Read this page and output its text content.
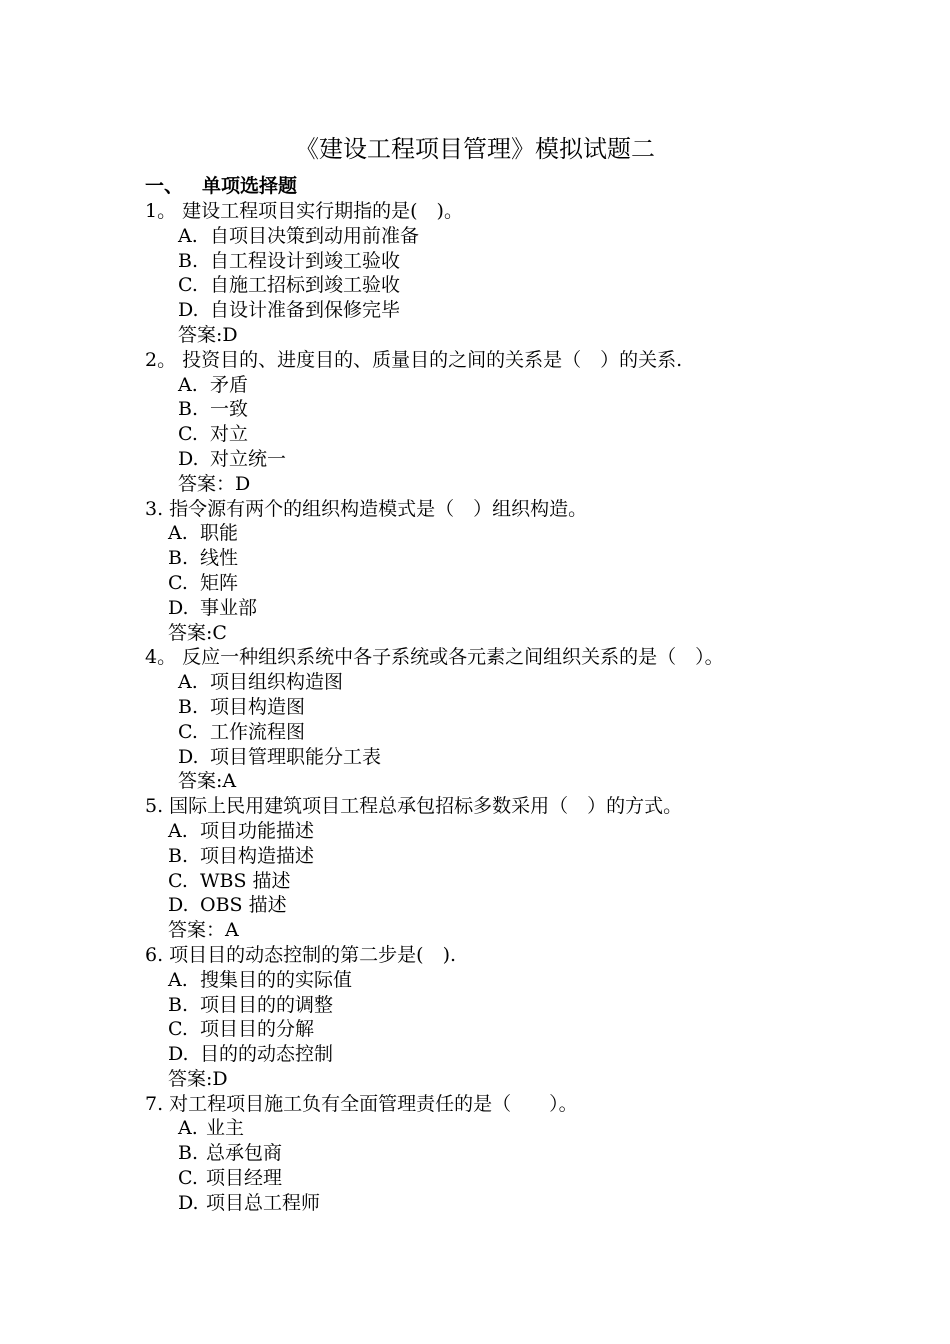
《建设工程项目管理》模拟试题二
一、 单项选择题
1。 建设工程项目实行期指的是(　)。
A. 自项目决策到动用前准备
B. 自工程设计到竣工验收
C. 自施工招标到竣工验收
D. 自设计准备到保修完毕
答案:D
2。 投资目的、进度目的、质量目的之间的关系是（　）的关系.
A. 矛盾
B. 一致
C. 对立
D. 对立统一
答案：D
3. 指令源有两个的组织构造模式是（　）组织构造。
A. 职能
B. 线性
C. 矩阵
D. 事业部
答案:C
4。 反应一种组织系统中各子系统或各元素之间组织关系的是（　）。
A. 项目组织构造图
B. 项目构造图
C. 工作流程图
D. 项目管理职能分工表
答案:A
5. 国际上民用建筑项目工程总承包招标多数采用（　）的方式。
A. 项目功能描述
B. 项目构造描述
C. WBS 描述
D. OBS 描述
答案：A
6. 项目目的动态控制的第二步是(　).
A. 搜集目的的实际值
B. 项目目的的调整
C. 项目目的分解
D. 目的的动态控制
答案:D
7. 对工程项目施工负有全面管理责任的是（　　）。
A. 业主
B. 总承包商
C. 项目经理
D. 项目总工程师
